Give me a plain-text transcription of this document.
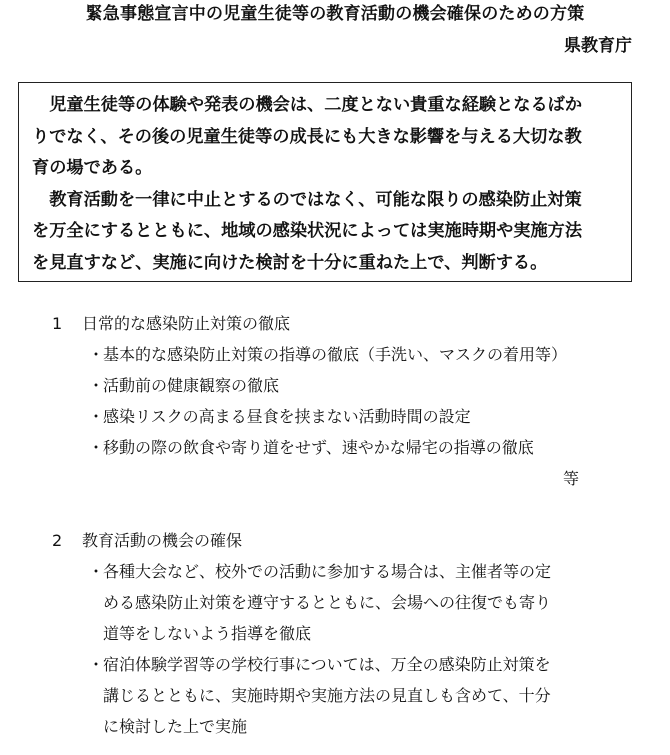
緊急事態宣言中の児童生徒等の教育活動の機会確保のための方策
県教育庁
　児童生徒等の体験や発表の機会は、二度とない貴重な経験となるばか
りでなく、その後の児童生徒等の成長にも大きな影響を与える大切な教
育の場である。
　教育活動を一律に中止とするのではなく、可能な限りの感染防止対策
を万全にするとともに、地域の感染状況によっては実施時期や実施方法
を見直すなど、実施に向けた検討を十分に重ねた上で、判断する。
1 日常的な感染防止対策の徹底
・
基本的な感染防止対策の指導の徹底（手洗い、マスクの着用等）
・
活動前の健康観察の徹底
・
感染リスクの高まる昼食を挟まない活動時間の設定
・
移動の際の飲食や寄り道をせず、速やかな帰宅の指導の徹底
等
2 教育活動の機会の確保
・
各種大会など、校外での活動に参加する場合は、主催者等の定
める感染防止対策を遵守するとともに、会場への往復でも寄り
道等をしないよう指導を徹底
・
宿泊体験学習等の学校行事については、万全の感染防止対策を
講じるとともに、実施時期や実施方法の見直しも含めて、十分
に検討した上で実施
